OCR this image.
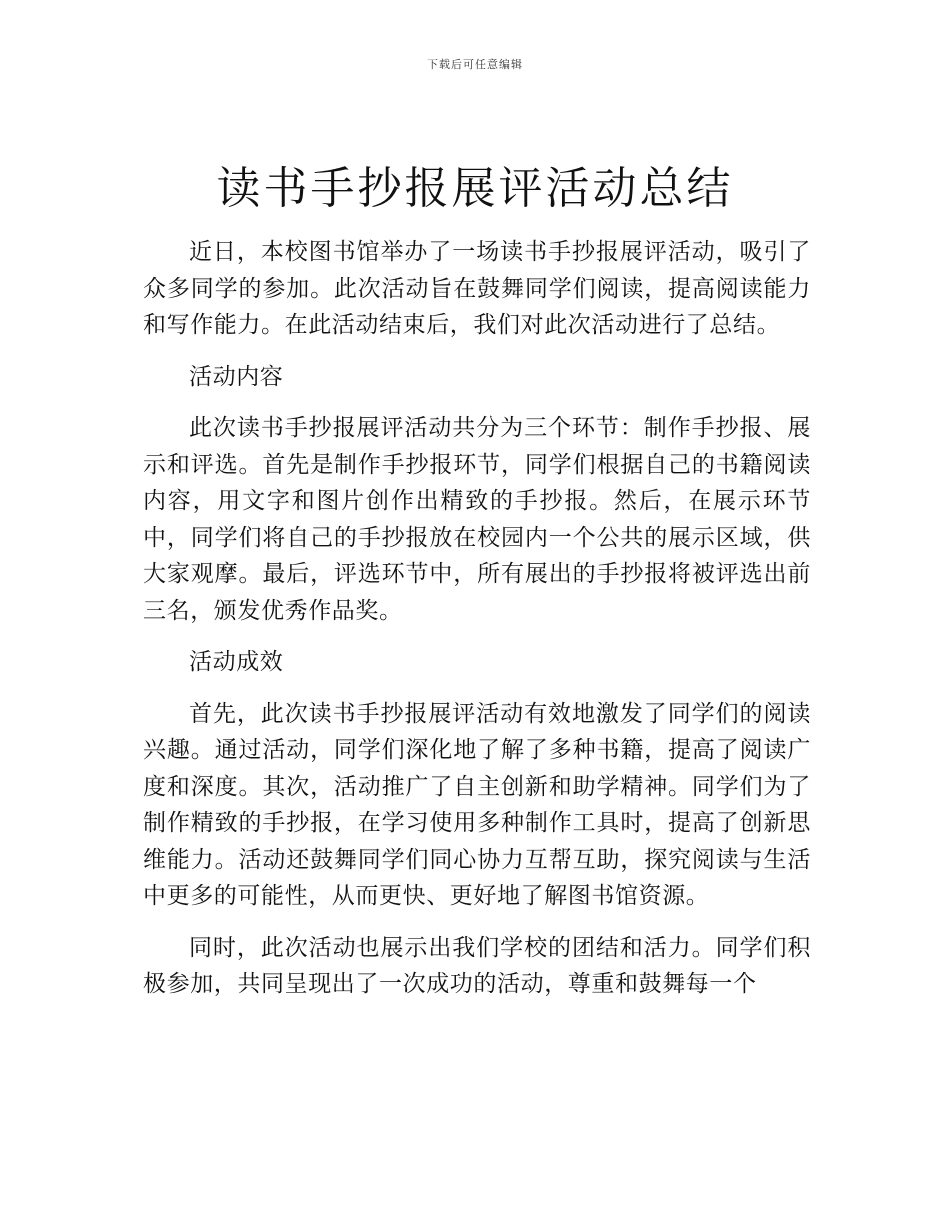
下载后可任意编辑
读书手抄报展评活动总结

近日，本校图书馆举办了一场读书手抄报展评活动，吸引了众多同学的参加。此次活动旨在鼓舞同学们阅读，提高阅读能力和写作能力。在此活动结束后，我们对此次活动进行了总结。

活动内容

此次读书手抄报展评活动共分为三个环节：制作手抄报、展示和评选。首先是制作手抄报环节，同学们根据自己的书籍阅读内容，用文字和图片创作出精致的手抄报。然后，在展示环节中，同学们将自己的手抄报放在校园内一个公共的展示区域，供大家观摩。最后，评选环节中，所有展出的手抄报将被评选出前三名，颁发优秀作品奖。

活动成效

首先，此次读书手抄报展评活动有效地激发了同学们的阅读兴趣。通过活动，同学们深化地了解了多种书籍，提高了阅读广度和深度。其次，活动推广了自主创新和助学精神。同学们为了制作精致的手抄报，在学习使用多种制作工具时，提高了创新思维能力。活动还鼓舞同学们同心协力互帮互助，探究阅读与生活中更多的可能性，从而更快、更好地了解图书馆资源。

同时，此次活动也展示出我们学校的团结和活力。同学们积极参加，共同呈现出了一次成功的活动，尊重和鼓舞每一个
